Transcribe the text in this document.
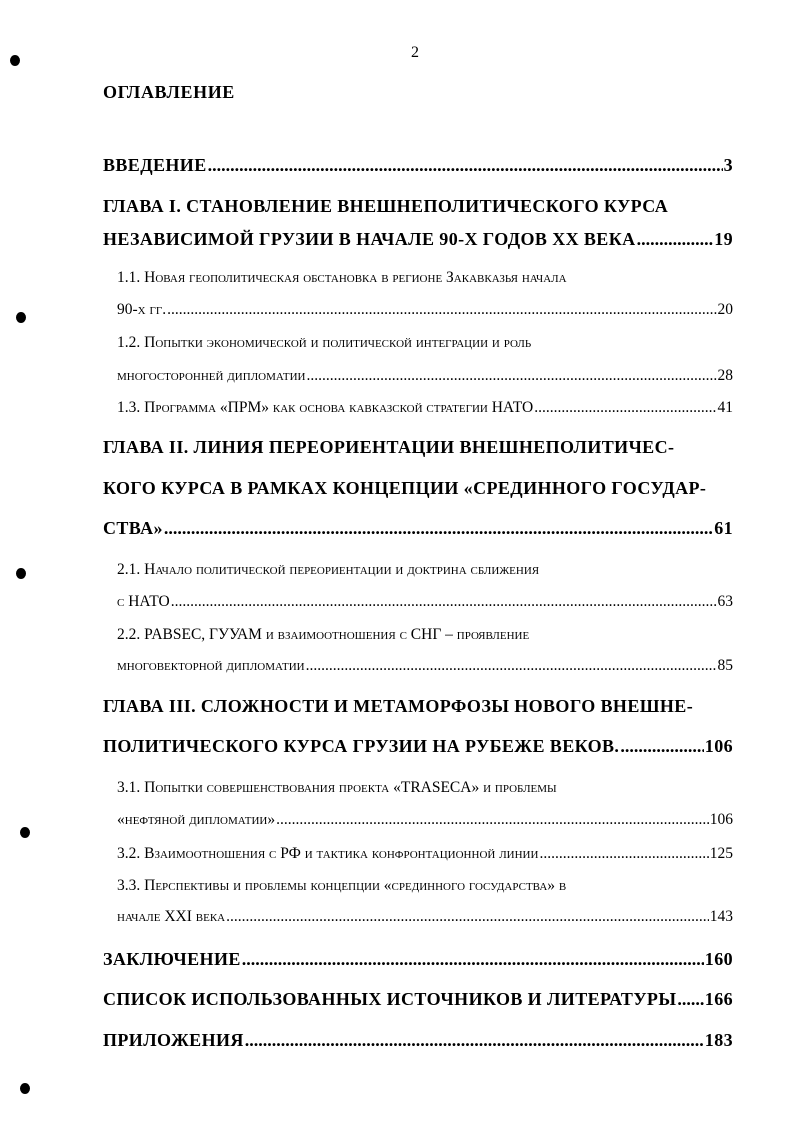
2
ОГЛАВЛЕНИЕ
ВВЕДЕНИЕ .....	3
ГЛАВА I. СТАНОВЛЕНИЕ ВНЕШНЕПОЛИТИЧЕСКОГО КУРСА
НЕЗАВИСИМОЙ ГРУЗИИ В НАЧАЛЕ 90-Х ГОДОВ XX ВЕКА .....	19
1.1. Новая геополитическая обстановка в регионе Закавказья начала
90-х гг. .....	20
1.2. Попытки экономической и политической интеграции и роль
многосторонней дипломатии .....	28
1.3. Программа «ПРМ» как основа кавказской стратегии НАТО .....	41
ГЛАВА II. ЛИНИЯ ПЕРЕОРИЕНТАЦИИ ВНЕШНЕПОЛИТИЧЕС-
КОГО КУРСА В РАМКАХ КОНЦЕПЦИИ «СРЕДИННОГО ГОСУДАР-
СТВА» .....	61
2.1. Начало политической переориентации и доктрина сближения
с НАТО .....	63
2.2. PABSEC, ГУУАМ и взаимоотношения с СНГ – проявление
многовекторной дипломатии .....	85
ГЛАВА III. СЛОЖНОСТИ И МЕТАМОРФОЗЫ НОВОГО ВНЕШНЕ-
ПОЛИТИЧЕСКОГО КУРСА ГРУЗИИ НА РУБЕЖЕ ВЕКОВ. .....	106
3.1. Попытки совершенствования проекта «TRASECA» и проблемы
«нефтяной дипломатии» .....	106
3.2. Взаимоотношения с РФ и тактика конфронтационной линии .....	125
3.3. Перспективы и проблемы концепции «срединного государства» в
начале XXI века .....	143
ЗАКЛЮЧЕНИЕ .....	160
СПИСОК ИСПОЛЬЗОВАННЫХ ИСТОЧНИКОВ И ЛИТЕРАТУРЫ ..... 166
ПРИЛОЖЕНИЯ .....	183
